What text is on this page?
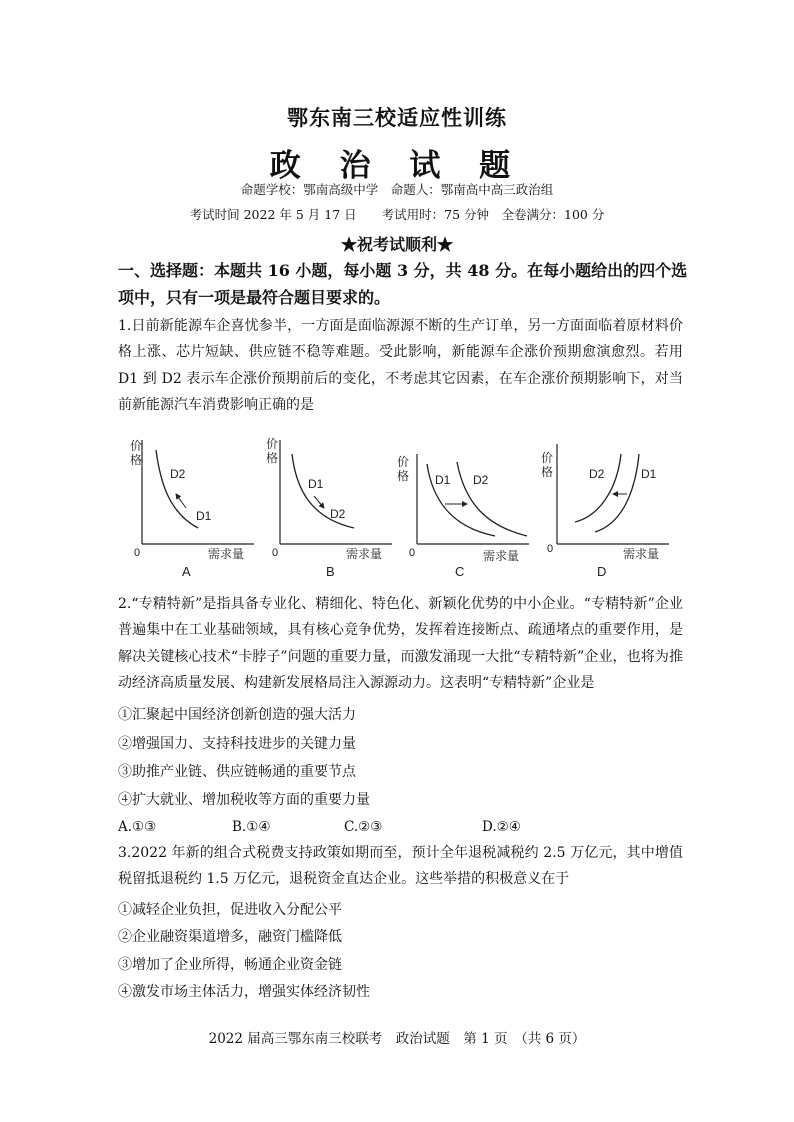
鄂东南三校适应性训练
政 治 试 题
命题学校：鄂南高级中学　命题人：鄂南高中高三政治组
考试时间 2022 年 5 月 17 日　　考试用时：75 分钟　全卷满分：100 分
★祝考试顺利★
一、选择题：本题共 16 小题，每小题 3 分，共 48 分。在每小题给出的四个选项中，只有一项是最符合题目要求的。
1.日前新能源车企喜忧参半，一方面是面临源源不断的生产订单，另一方面面临着原材料价格上涨、芯片短缺、供应链不稳等难题。受此影响，新能源车企涨价预期愈演愈烈。若用 D1 到 D2 表示车企涨价预期前后的变化，不考虑其它因素，在车企涨价预期影响下，对当前新能源汽车消费影响正确的是
价
格
0	需求量
D2
D1
A
价
格
0	需求量
D1
D2
B
价
格
0	需求量
D1 D2
C
价
格
0	需求量
D2	D1
D
2.“专精特新”是指具备专业化、精细化、特色化、新颖化优势的中小企业。“专精特新”企业普遍集中在工业基础领域，具有核心竞争优势，发挥着连接断点、疏通堵点的重要作用，是解决关键核心技术“卡脖子”问题的重要力量，而激发涌现一大批“专精特新”企业，也将为推动经济高质量发展、构建新发展格局注入源源动力。这表明“专精特新”企业是
①汇聚起中国经济创新创造的强大活力
②增强国力、支持科技进步的关键力量
③助推产业链、供应链畅通的重要节点
④扩大就业、增加税收等方面的重要力量
A.①③	B.①④	C.②③	D.②④
3.2022 年新的组合式税费支持政策如期而至，预计全年退税减税约 2.5 万亿元，其中增值税留抵退税约 1.5 万亿元，退税资金直达企业。这些举措的积极意义在于
①减轻企业负担，促进收入分配公平
②企业融资渠道增多，融资门槛降低
③增加了企业所得，畅通企业资金链
④激发市场主体活力，增强实体经济韧性
2022 届高三鄂东南三校联考　政治试题　第 1 页　（共 6 页）
